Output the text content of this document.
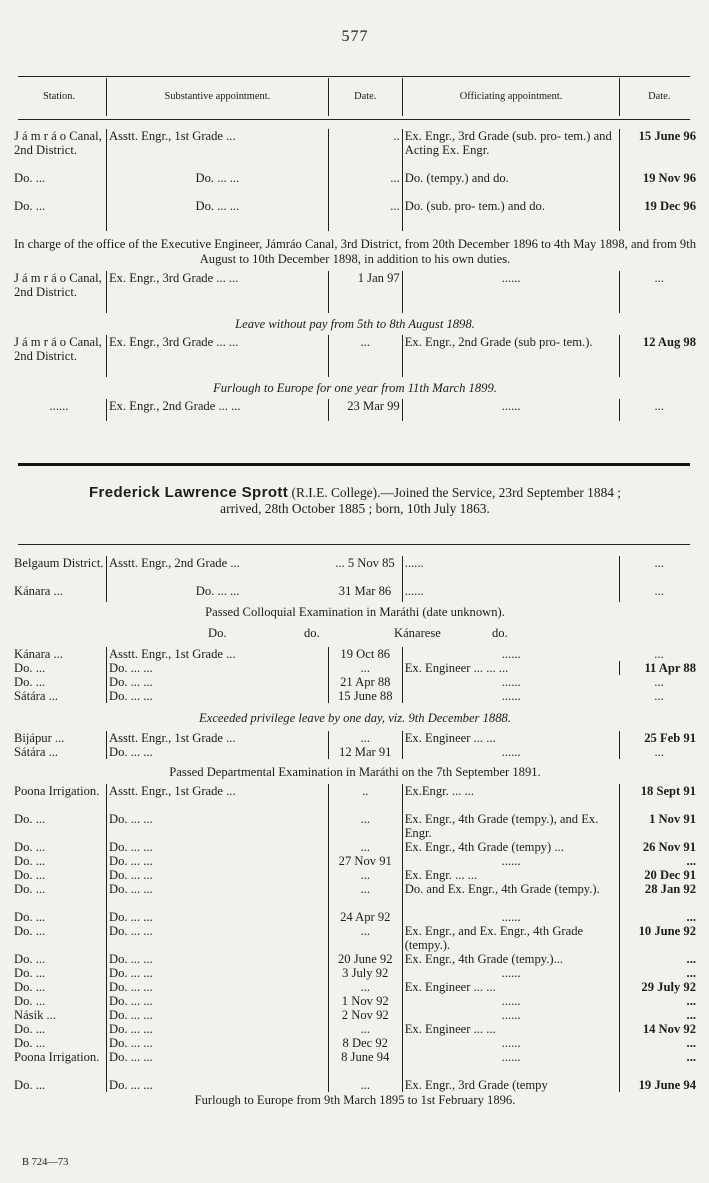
577
Station.	Substantive appointment.	Date.	Officiating appointment.	Date.
J á m r á o Canal, 2nd District.	Asstt. Engr., 1st Grade ...	..	Ex. Engr., 3rd Grade (sub. pro- tem.) and Acting Ex. Engr.	15 June 96
Do. ...	Do. ... ...	...	Do. (tempy.) and do.	19 Nov 96
Do. ...	Do. ... ...	...	Do. (sub. pro- tem.) and do.	19 Dec 96
In charge of the office of the Executive Engineer, Jámráo Canal, 3rd District, from 20th December 1896 to 4th May 1898, and from 9th August to 10th December 1898, in addition to his own duties.
J á m r á o Canal, 2nd District.	Ex. Engr., 3rd Grade ... ...	1 Jan 97	......	...
Leave without pay from 5th to 8th August 1898.
J á m r á o Canal, 2nd District.	Ex. Engr., 3rd Grade ... ...	...	Ex. Engr., 2nd Grade (sub pro- tem.).	12 Aug 98
Furlough to Europe for one year from 11th March 1899.
......	Ex. Engr., 2nd Grade ... ...	23 Mar 99	......	...
Frederick Lawrence Sprott (R.I.E. College).—Joined the Service, 23rd September 1884 ;
arrived, 28th October 1885 ; born, 10th July 1863.
Belgaum District.	Asstt. Engr., 2nd Grade ...	... 5 Nov 85	......	...
Kánara ...	Do. ... ...	31 Mar 86	......	...
Passed Colloquial Examination in Maráthi (date unknown).
Do.	do.	Kánarese	do.
Kánara ...	Asstt. Engr., 1st Grade ...	19 Oct 86	......	...
Do. ...	Do. ... ...	...	Ex. Engineer ... ... ...	11 Apr 88
Do. ...	Do. ... ...	21 Apr 88	......	...
Sátára ...	Do. ... ...	15 June 88	......	...
Exceeded privilege leave by one day, viz. 9th December 1888.
Bijápur ...	Asstt. Engr., 1st Grade ...	...	Ex. Engineer ... ...	25 Feb 91
Sátára ...	Do. ... ...	12 Mar 91	......	...
Passed Departmental Examination in Maráthi on the 7th September 1891.
Poona Irrigation.	Asstt. Engr., 1st Grade ...	..	Ex.Engr. ... ...	18 Sept 91
Do. ...	Do. ... ...	...	Ex. Engr., 4th Grade (tempy.), and Ex. Engr.	1 Nov 91
Do. ...	Do. ... ...	...	Ex. Engr., 4th Grade (tempy) ...	26 Nov 91
Do. ...	Do. ... ...	27 Nov 91	......	...
Do. ...	Do. ... ...	...	Ex. Engr. ... ...	20 Dec 91
Do. ...	Do. ... ...	...	Do. and Ex. Engr., 4th Grade (tempy.).	28 Jan 92
Do. ...	Do. ... ...	24 Apr 92	......	...
Do. ...	Do. ... ...	...	Ex. Engr., and Ex. Engr., 4th Grade (tempy.).	10 June 92
Do. ...	Do. ... ...	20 June 92	Ex. Engr., 4th Grade (tempy.)...	...
Do. ...	Do. ... ...	3 July 92	......	...
Do. ...	Do. ... ...	...	Ex. Engineer ... ...	29 July 92
Do. ...	Do. ... ...	1 Nov 92	......	...
Násik ...	Do. ... ...	2 Nov 92	......	...
Do. ...	Do. ... ...	...	Ex. Engineer ... ...	14 Nov 92
Do. ...	Do. ... ...	8 Dec 92	......	...
Poona Irrigation.	Do. ... ...	8 June 94	......	...
Do. ...	Do. ... ...	...	Ex. Engr., 3rd Grade (tempy	19 June 94
Furlough to Europe from 9th March 1895 to 1st February 1896.
B 724—73
